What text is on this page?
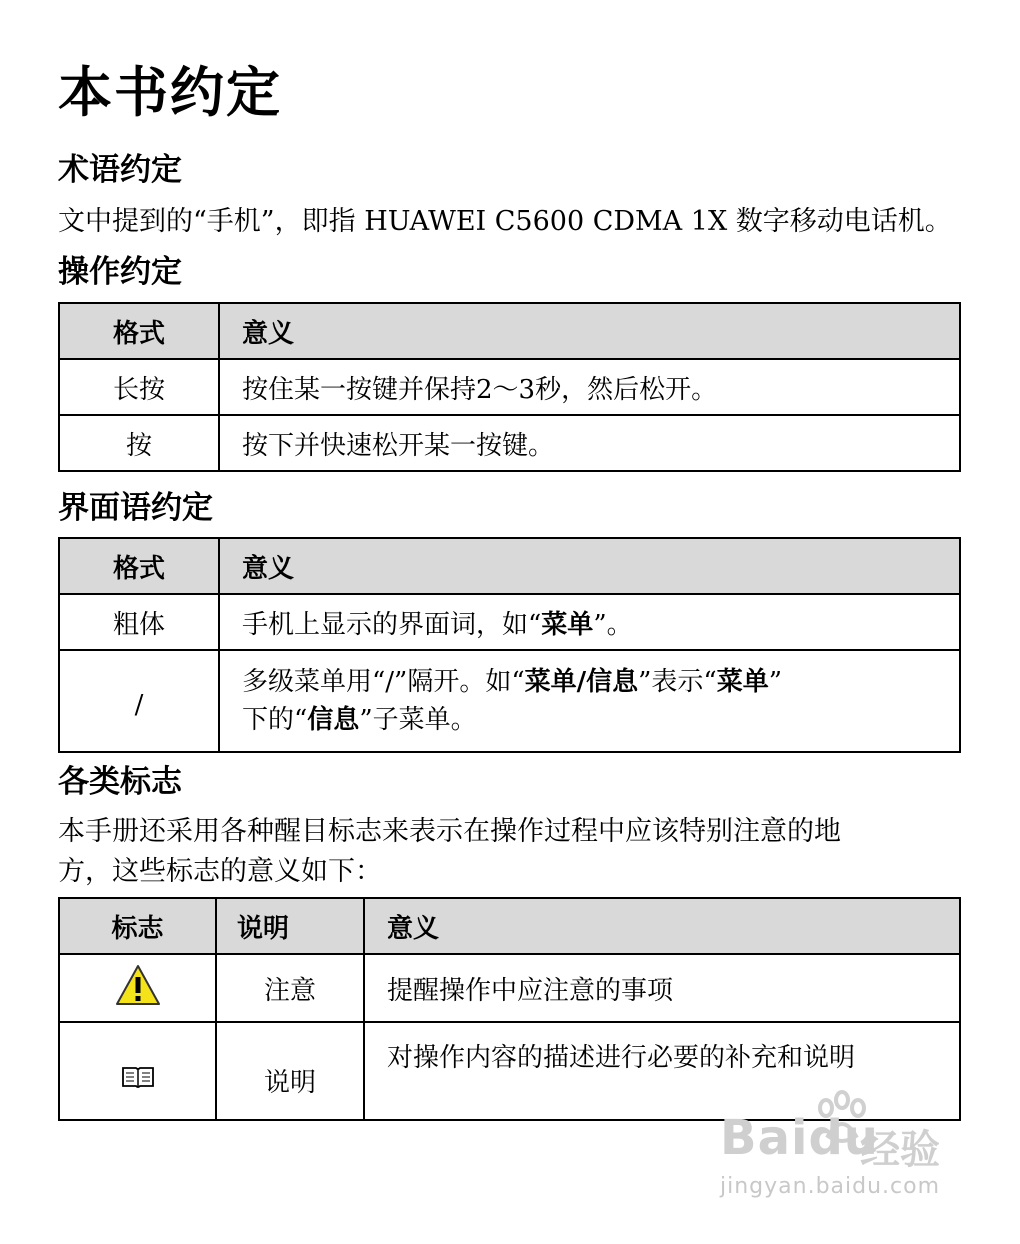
本书约定
术语约定

文中提到的“手机”，即指 HUAWEI C5600 CDMA 1X 数字移动电话机。

操作约定
格式	意义
长按	按住某一按键并保持2～3秒，然后松开。
按	按下并快速松开某一按键。
界面语约定
格式	意义
粗体	手机上显示的界面词，如“菜单”。
/	多级菜单用“/”隔开。如“菜单/信息”表示“菜单”
下的“信息”子菜单。
各类标志

本手册还采用各种醒目标志来表示在操作过程中应该特别注意的地

方，这些标志的意义如下：

标志	说明	意义
	注意	提醒操作中应注意的事项
	说明	对操作内容的描述进行必要的补充和说明
Baidu
经验
jingyan.baidu.com
